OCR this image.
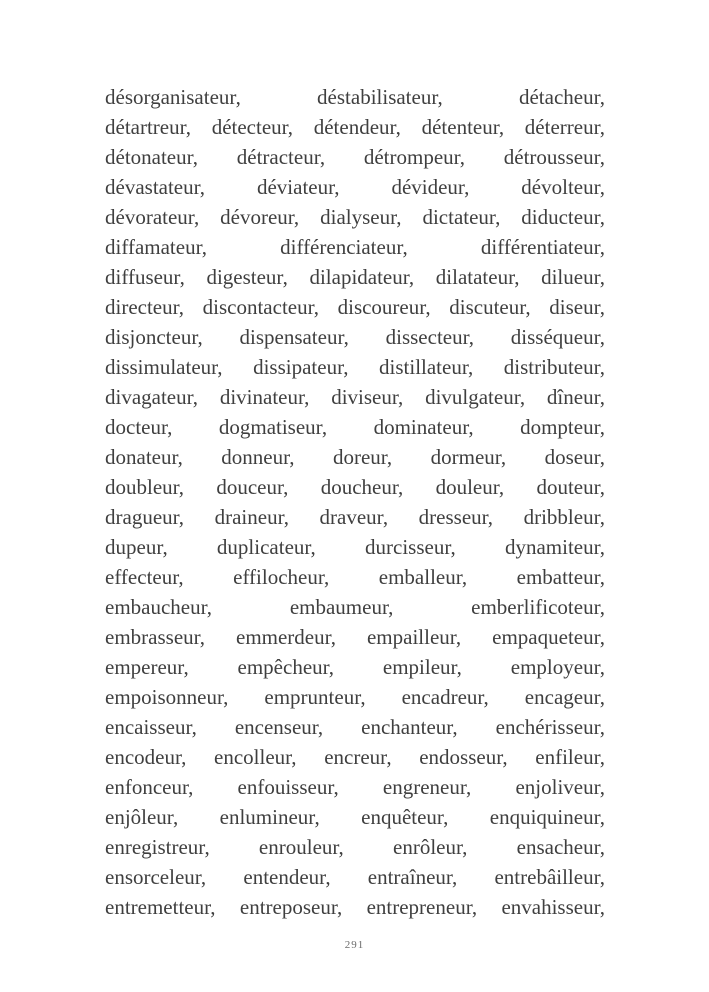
désorganisateur, déstabilisateur, détacheur,
détartreur, détecteur, détendeur, détenteur, déterreur,
détonateur, détracteur, détrompeur, détrousseur,
dévastateur, déviateur, dévideur, dévolteur,
dévorateur, dévoreur, dialyseur, dictateur, diducteur,
diffamateur, différenciateur, différentiateur,
diffuseur, digesteur, dilapidateur, dilatateur, dilueur,
directeur, discontacteur, discoureur, discuteur, diseur,
disjoncteur, dispensateur, dissecteur, disséqueur,
dissimulateur, dissipateur, distillateur, distributeur,
divagateur, divinateur, diviseur, divulgateur, dîneur,
docteur, dogmatiseur, dominateur, dompteur,
donateur, donneur, doreur, dormeur, doseur,
doubleur, douceur, doucheur, douleur, douteur,
dragueur, draineur, draveur, dresseur, dribbleur,
dupeur, duplicateur, durcisseur, dynamiteur,
effecteur, effilocheur, emballeur, embatteur,
embaucheur, embaumeur, emberlificoteur,
embrasseur, emmerdeur, empailleur, empaqueteur,
empereur, empêcheur, empileur, employeur,
empoisonneur, emprunteur, encadreur, encageur,
encaisseur, encenseur, enchanteur, enchérisseur,
encodeur, encolleur, encreur, endosseur, enfileur,
enfonceur, enfouisseur, engreneur, enjoliveur,
enjôleur, enlumineur, enquêteur, enquiquineur,
enregistreur, enrouleur, enrôleur, ensacheur,
ensorceleur, entendeur, entraîneur, entrebâilleur,
entremetteur, entreposeur, entrepreneur, envahisseur,
291
